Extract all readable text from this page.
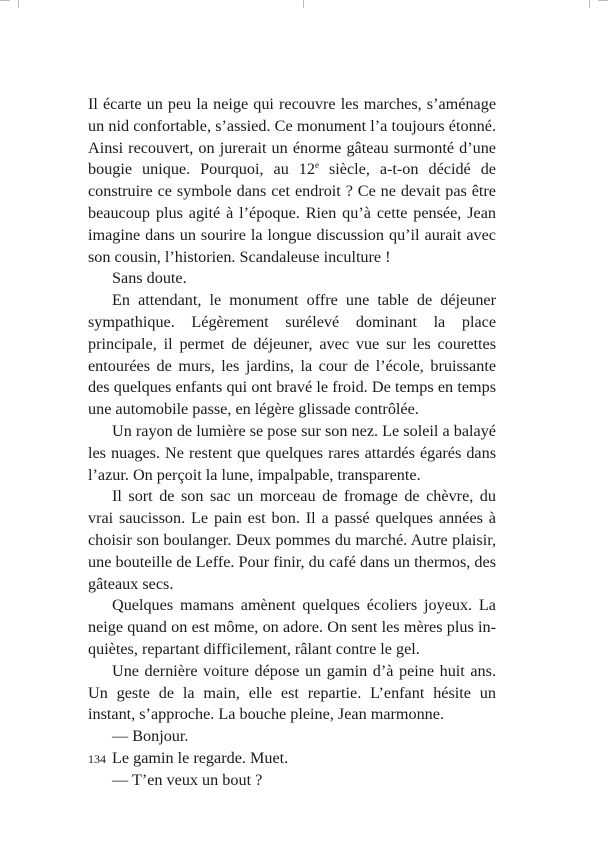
Il écarte un peu la neige qui recouvre les marches, s’aménage un nid confortable, s’assied. Ce monument l’a toujours étonné. Ainsi recouvert, on jurerait un énorme gâteau surmonté d’une bougie unique. Pourquoi, au 12e siècle, a-t-on décidé de construire ce symbole dans cet endroit ? Ce ne devait pas être beaucoup plus agité à l’époque. Rien qu’à cette pensée, Jean imagine dans un sourire la longue discussion qu’il aurait avec son cousin, l’historien. Scandaleuse inculture !

Sans doute.

En attendant, le monument offre une table de déjeuner sympathique. Légèrement surélevé dominant la place principale, il permet de déjeuner, avec vue sur les courettes entourées de murs, les jardins, la cour de l’école, bruissante des quelques enfants qui ont bravé le froid. De temps en temps une automobile passe, en légère glissade contrôlée.

Un rayon de lumière se pose sur son nez. Le soleil a balayé les nuages. Ne restent que quelques rares attardés égarés dans l’azur. On perçoit la lune, impalpable, transparente.

Il sort de son sac un morceau de fromage de chèvre, du vrai saucisson. Le pain est bon. Il a passé quelques années à choisir son boulanger. Deux pommes du marché. Autre plaisir, une bouteille de Leffe. Pour finir, du café dans un thermos, des gâteaux secs.

Quelques mamans amènent quelques écoliers joyeux. La neige quand on est môme, on adore. On sent les mères plus inquiètes, repartant difficilement, râlant contre le gel.

Une dernière voiture dépose un gamin d’à peine huit ans. Un geste de la main, elle est repartie. L’enfant hésite un instant, s’approche. La bouche pleine, Jean marmonne.

— Bonjour.

Le gamin le regarde. Muet.

— T’en veux un bout ?

134
